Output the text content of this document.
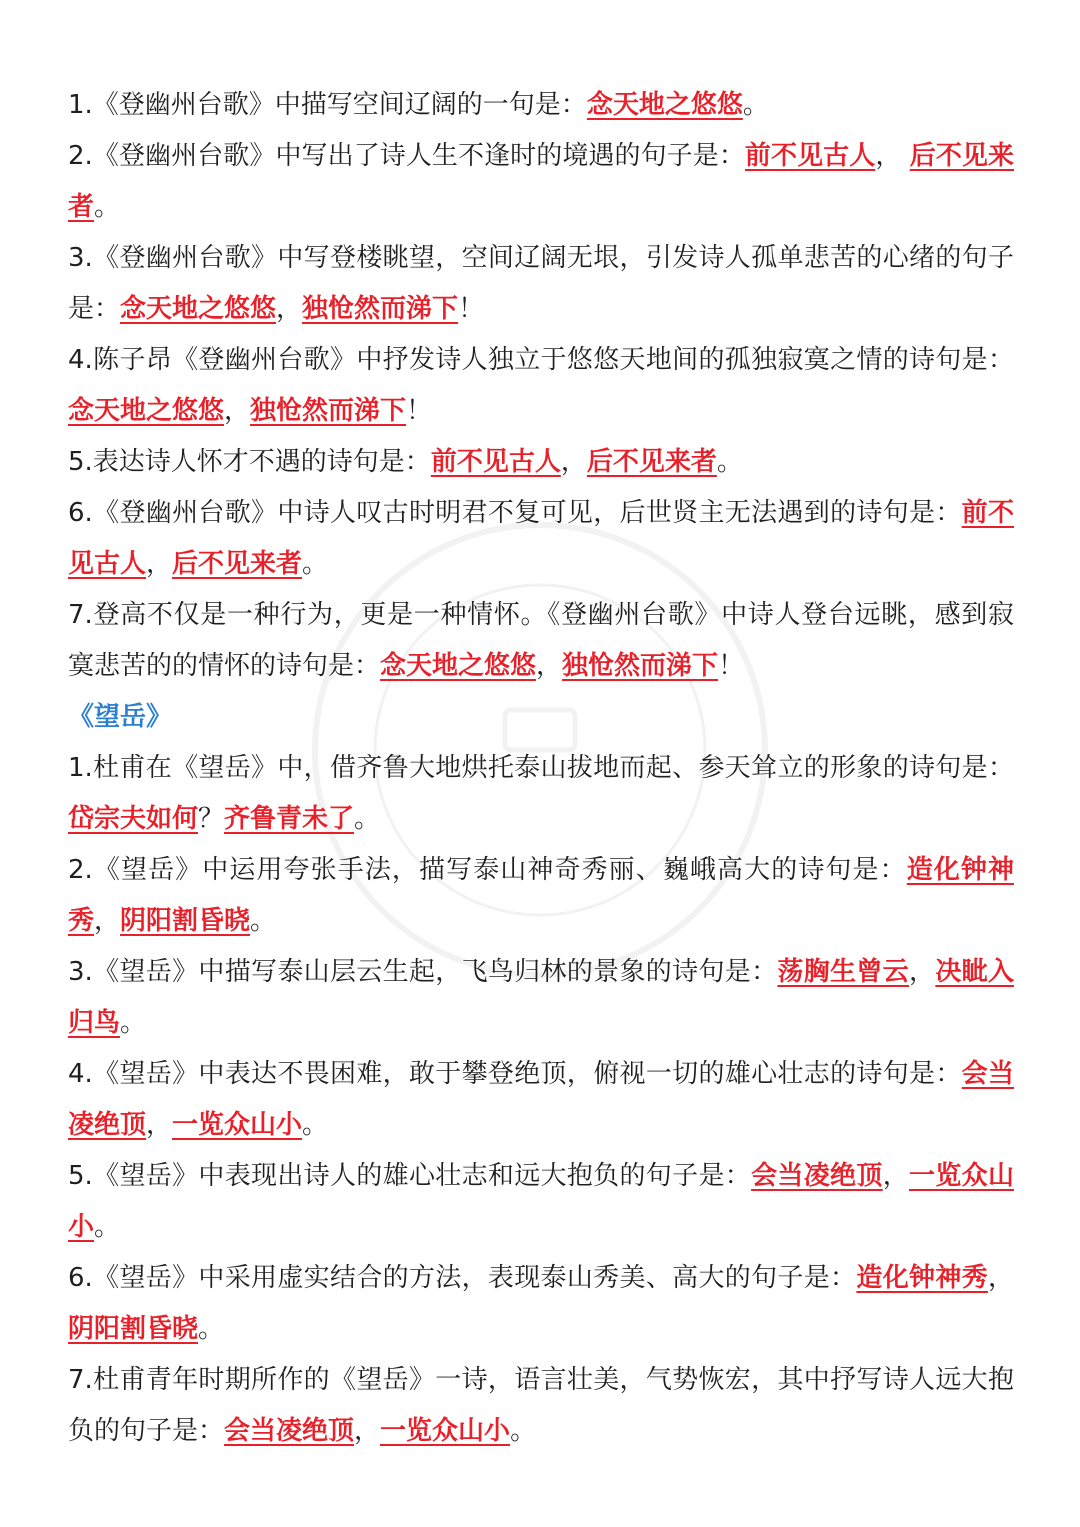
1.《登幽州台歌》中描写空间辽阔的一句是：念天地之悠悠。

2.《登幽州台歌》中写出了诗人生不逢时的境遇的句子是：前不见古人， 后不见来者。

3.《登幽州台歌》中写登楼眺望，空间辽阔无垠，引发诗人孤单悲苦的心绪的句子是：念天地之悠悠，独怆然而涕下！

4.陈子昂《登幽州台歌》中抒发诗人独立于悠悠天地间的孤独寂寞之情的诗句是：念天地之悠悠，独怆然而涕下！

5.表达诗人怀才不遇的诗句是：前不见古人，后不见来者。

6.《登幽州台歌》中诗人叹古时明君不复可见，后世贤主无法遇到的诗句是：前不见古人，后不见来者。

7.登高不仅是一种行为，更是一种情怀。《登幽州台歌》中诗人登台远眺，感到寂寞悲苦的的情怀的诗句是：念天地之悠悠，独怆然而涕下！

《望岳》

1.杜甫在《望岳》中，借齐鲁大地烘托泰山拔地而起、参天耸立的形象的诗句是：岱宗夫如何？齐鲁青未了。

2.《望岳》中运用夸张手法，描写泰山神奇秀丽、巍峨高大的诗句是：造化钟神秀，阴阳割昏晓。

3.《望岳》中描写泰山层云生起，飞鸟归林的景象的诗句是：荡胸生曾云，决眦入归鸟。

4.《望岳》中表达不畏困难，敢于攀登绝顶，俯视一切的雄心壮志的诗句是：会当凌绝顶，一览众山小。

5.《望岳》中表现出诗人的雄心壮志和远大抱负的句子是：会当凌绝顶，一览众山小。

6.《望岳》中采用虚实结合的方法，表现泰山秀美、高大的句子是：造化钟神秀，阴阳割昏晓。

7.杜甫青年时期所作的《望岳》一诗，语言壮美，气势恢宏，其中抒写诗人远大抱负的句子是：会当凌绝顶，一览众山小。
